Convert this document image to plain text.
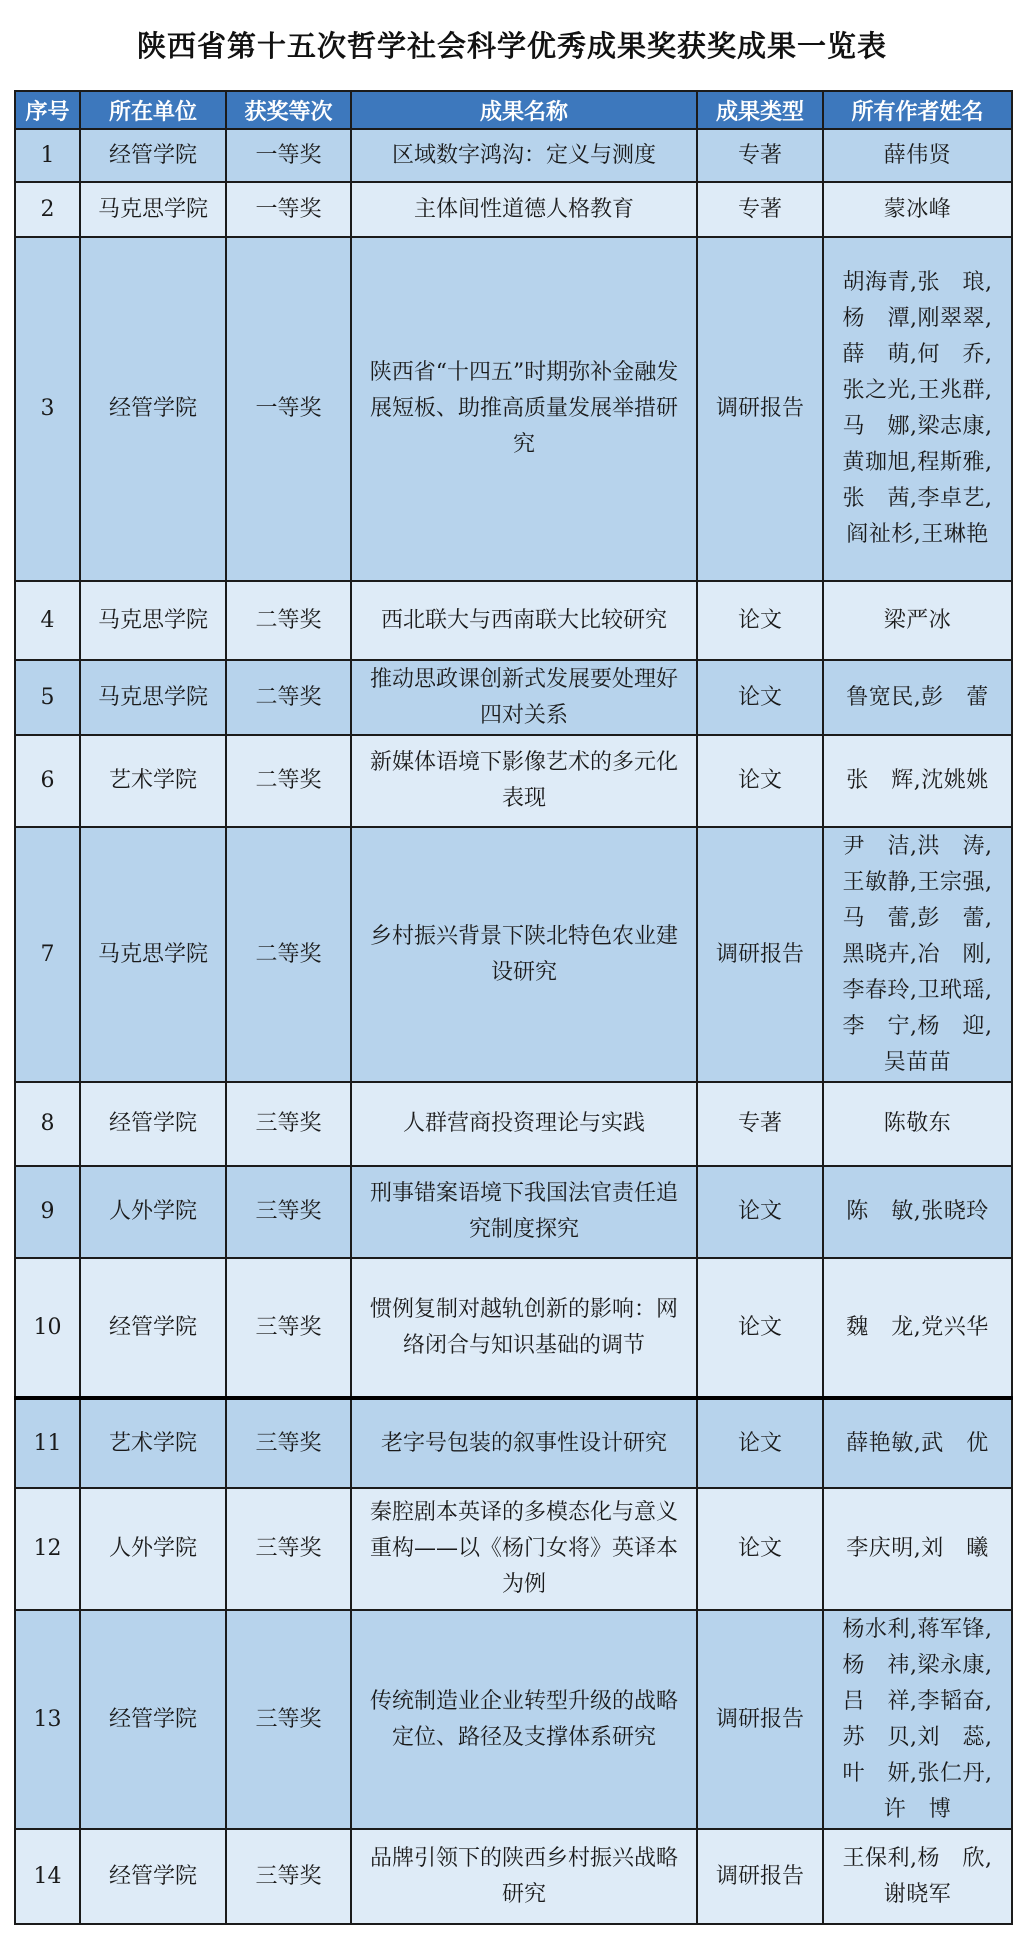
陕西省第十五次哲学社会科学优秀成果奖获奖成果一览表
序号	所在单位	获奖等次	成果名称	成果类型	所有作者姓名
1	经管学院	一等奖	区域数字鸿沟：定义与测度	专著	薛伟贤
2	马克思学院	一等奖	主体间性道德人格教育	专著	蒙冰峰
3	经管学院	一等奖	陕西省“十四五”时期弥补金融发展短板、助推高质量发展举措研究	调研报告	胡海青,张　琅,杨　潭,刚翠翠,薛　萌,何　乔,张之光,王兆群,马　娜,梁志康,黄珈旭,程斯雅,张　茜,李卓艺,阎祉杉,王琳艳
4	马克思学院	二等奖	西北联大与西南联大比较研究	论文	梁严冰
5	马克思学院	二等奖	推动思政课创新式发展要处理好四对关系	论文	鲁宽民,彭　蕾
6	艺术学院	二等奖	新媒体语境下影像艺术的多元化表现	论文	张　辉,沈姚姚
7	马克思学院	二等奖	乡村振兴背景下陕北特色农业建设研究	调研报告	尹　洁,洪　涛,王敏静,王宗强,马　蕾,彭　蕾,黑晓卉,冶　刚,李春玲,卫玳瑶,李　宁,杨　迎,吴苗苗
8	经管学院	三等奖	人群营商投资理论与实践	专著	陈敬东
9	人外学院	三等奖	刑事错案语境下我国法官责任追究制度探究	论文	陈　敏,张晓玲
10	经管学院	三等奖	惯例复制对越轨创新的影响：网络闭合与知识基础的调节	论文	魏　龙,党兴华
11	艺术学院	三等奖	老字号包装的叙事性设计研究	论文	薛艳敏,武　优
12	人外学院	三等奖	秦腔剧本英译的多模态化与意义重构——以《杨门女将》英译本为例	论文	李庆明,刘　曦
13	经管学院	三等奖	传统制造业企业转型升级的战略定位、路径及支撑体系研究	调研报告	杨水利,蒋军锋,杨　祎,梁永康,吕　祥,李韬奋,苏　贝,刘　蕊,叶　妍,张仁丹,许　博
14	经管学院	三等奖	品牌引领下的陕西乡村振兴战略研究	调研报告	王保利,杨　欣,谢晓军
